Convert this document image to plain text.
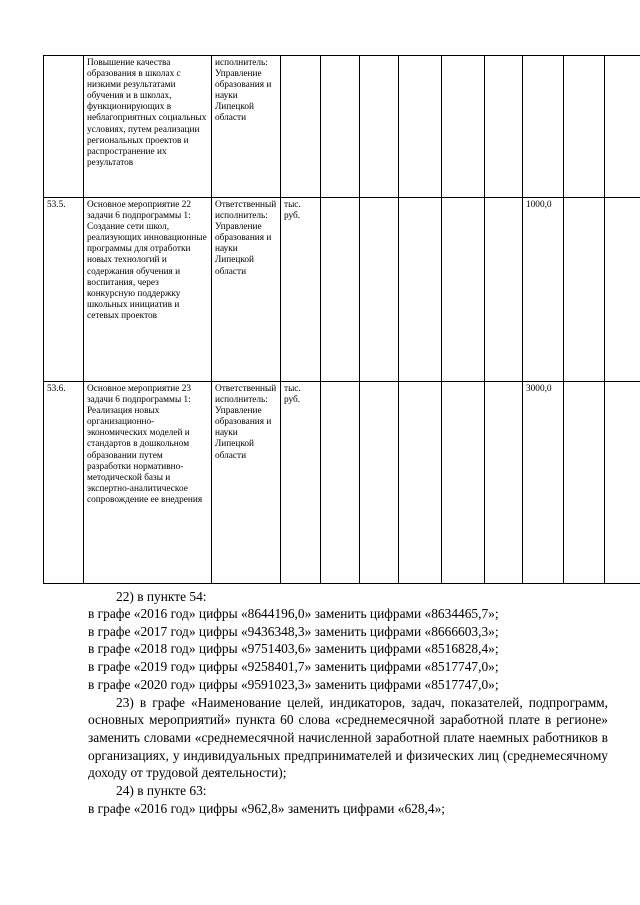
	Повышение качества образования в школах с низкими результатами обучения и в школах, функционирующих в неблагоприятных социальных условиях, путем реализации региональных проектов и распространение их результатов	исполнитель: Управление образования и науки Липецкой области									
53.5.	Основное мероприятие 22 задачи 6 подпрограммы 1: Создание сети школ, реализующих инновационные программы для отработки новых технологий и содержания обучения и воспитания, через конкурсную поддержку школьных инициатив и сетевых проектов	Ответственный исполнитель: Управление образования и науки Липецкой области	тыс. руб.						1000,0		
53.6.	Основное мероприятие 23 задачи 6 подпрограммы 1: Реализация новых организационно-экономических моделей и стандартов в дошкольном образовании путем разработки нормативно-методической базы и экспертно-аналитическое сопровождение ее внедрения	Ответственный исполнитель: Управление образования и науки Липецкой области	тыс. руб.						3000,0		

22) в пункте 54:

в графе «2016 год» цифры «8644196,0» заменить цифрами «8634465,7»;

в графе «2017 год» цифры «9436348,3» заменить цифрами «8666603,3»;

в графе «2018 год» цифры «9751403,6» заменить цифрами «8516828,4»;

в графе «2019 год» цифры «9258401,7» заменить цифрами «8517747,0»;

в графе «2020 год» цифры «9591023,3» заменить цифрами «8517747,0»;

23) в графе «Наименование целей, индикаторов, задач, показателей, подпрограмм, основных мероприятий» пункта 60 слова «среднемесячной заработной плате в регионе» заменить словами «среднемесячной начисленной заработной плате наемных работников в организациях, у индивидуальных предпринимателей и физических лиц (среднемесячному доходу от трудовой деятельности);

24) в пункте 63:

в графе «2016 год» цифры «962,8» заменить цифрами «628,4»;
